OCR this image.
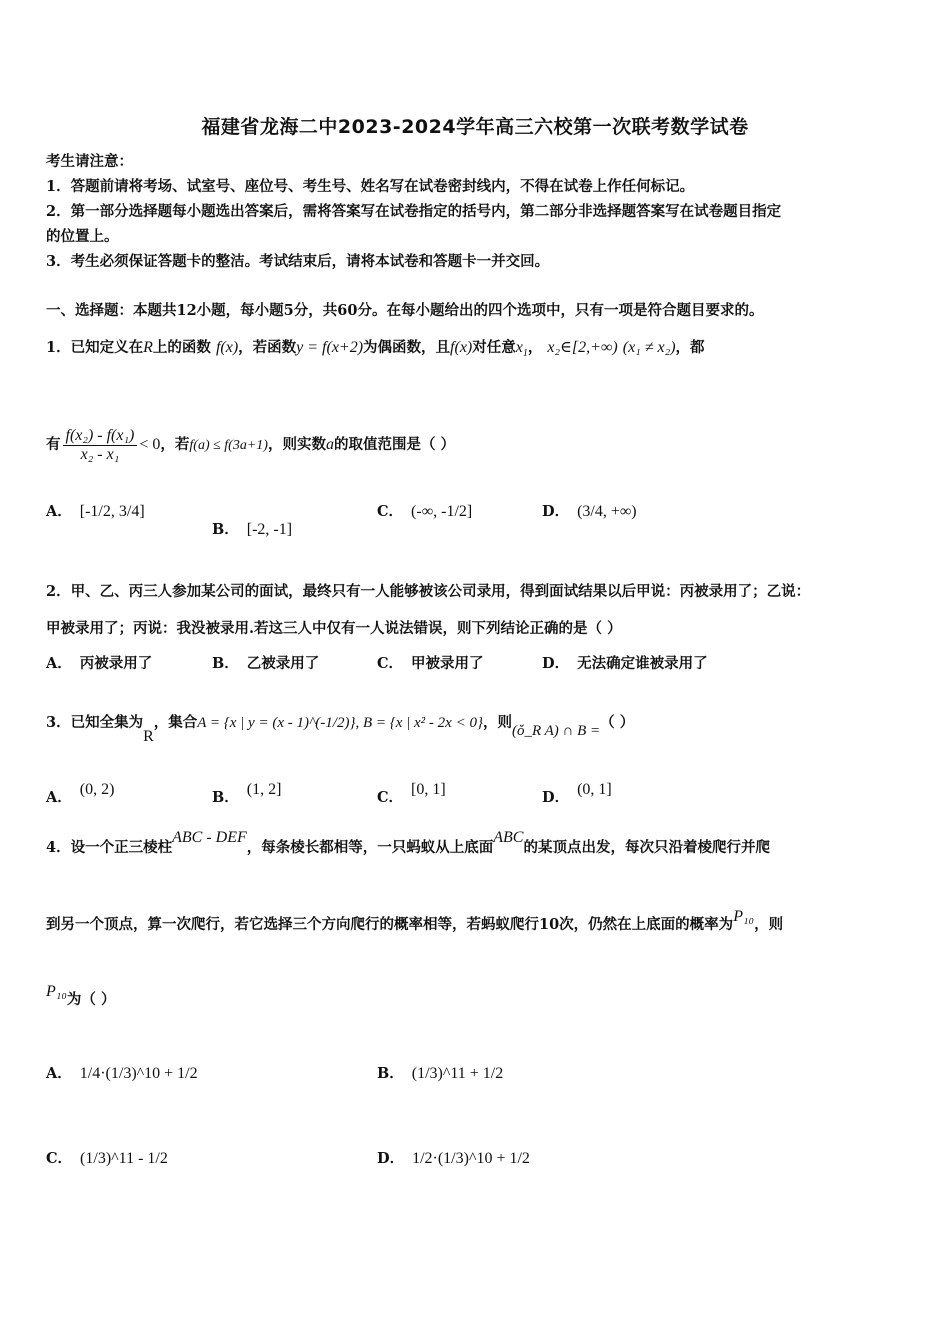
福建省龙海二中2023-2024学年高三六校第一次联考数学试卷
考生请注意：
1．答题前请将考场、试室号、座位号、考生号、姓名写在试卷密封线内，不得在试卷上作任何标记。
2．第一部分选择题每小题选出答案后，需将答案写在试卷指定的括号内，第二部分非选择题答案写在试卷题目指定
的位置上。
3．考生必须保证答题卡的整洁。考试结束后，请将本试卷和答题卡一并交回。
一、选择题：本题共12小题，每小题5分，共60分。在每小题给出的四个选项中，只有一项是符合题目要求的。
1．已知定义在R上的函数 f(x)，若函数y = f(x+2)为偶函数，且f(x)对任意$x_1$， x₂∈[2,+∞) (x₁ ≠ x₂)，都
有 $\frac{\text{f(x₂) - f(x₁)}}{\text{x₂ - x₁}} < 0$，若f(a) ≤ f(3a+1)，则实数a的取值范围是（ ）
A． [-1/2, 3/4]
B． [-2, -1]
C． (-∞, -1/2]	D． (3/4, +∞)
2．甲、乙、丙三人参加某公司的面试，最终只有一人能够被该公司录用，得到面试结果以后甲说：丙被录用了；乙说：
甲被录用了；丙说：我没被录用.若这三人中仅有一人说法错误，则下列结论正确的是（ ）
A． 丙被录用了	B． 乙被录用了	C． 甲被录用了	D． 无法确定谁被录用了
3．已知全集为R，集合A = {x | y = (x - 1)^(-1/2)}, B = {x | x² - 2x < 0}，则(ǒ_R A) ∩ B =（ ）
A． (0, 2)	B． (1, 2]	C． [0, 1]	D． (0, 1]
4．设一个正三棱柱ABC - DEF，每条棱长都相等，一只蚂蚁从上底面ABC的某顶点出发，每次只沿着棱爬行并爬
到另一个顶点，算一次爬行，若它选择三个方向爬行的概率相等，若蚂蚁爬行10次，仍然在上底面的概率为P₁₀，则
P₁₀为（ ）
A． 1/4·(1/3)^10 + 1/2	B． (1/3)^11 + 1/2
C． (1/3)^11 - 1/2	D． 1/2·(1/3)^10 + 1/2
